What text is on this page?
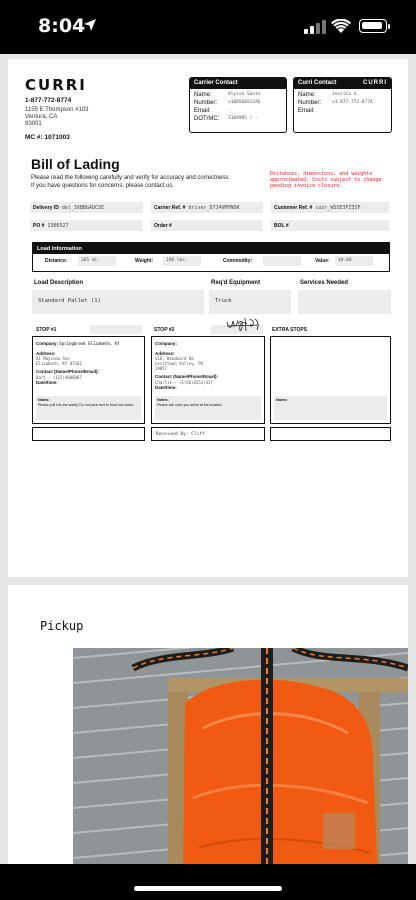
8:04
CURRI
1-877-772-8774
1155 E Thompson #103
Ventura, CA
93001
MC #: 1071003
Carrier Contact
Name:	Alyssa Santo
Number: +18056691346
Email:	-
DOT/MC: 3184995 / -
Curri Contact	CURRI
Name:	Jessica S.
Number: +1 877-772-8774
Email:
Bill of Lading
Please read the following carefully and verify for accuracy and correctness. If you have questions for concerns, please contact us.
Distances, dimensions, and weights approximated. Costs subject to change pending invoice closure.
Delivery ID del_3XBBGADCSE	Carrier Ref. # driver_D7J4VMYNOK	Customer Ref. # cusr_WSSE3FZ3SF
PO # 1306527	Order #	BOL #
Load Information
Distance:	365 mi.	Weight:	198 lbs.	Commodity:	Value:	$0.00
Load Description
Standard Pallet (1)
Req'd Equipment
Truck
Services Needed
STOP #1	STOP #2	EXTRA STOPS
Company: Springbrook Elizabeth, KY
Address:
81 Mayview Ave
Elizabeth, KY 07201
Contact (Name/Phone/Email):
Bart - (125)4800007
Date/time:
Notes:
Please pull into the warfly. Do not park next to front row doors.
Company:
Address:
S16, Woodward Rd
Levittown Valley, PA
19057
Contact (Name/Phone/Email):
Charlie - +1(46)8353(41)
Date/time:
Notes:
Please call once you arrive at the location.
Notes:
Received By: Cliff
Pickup
